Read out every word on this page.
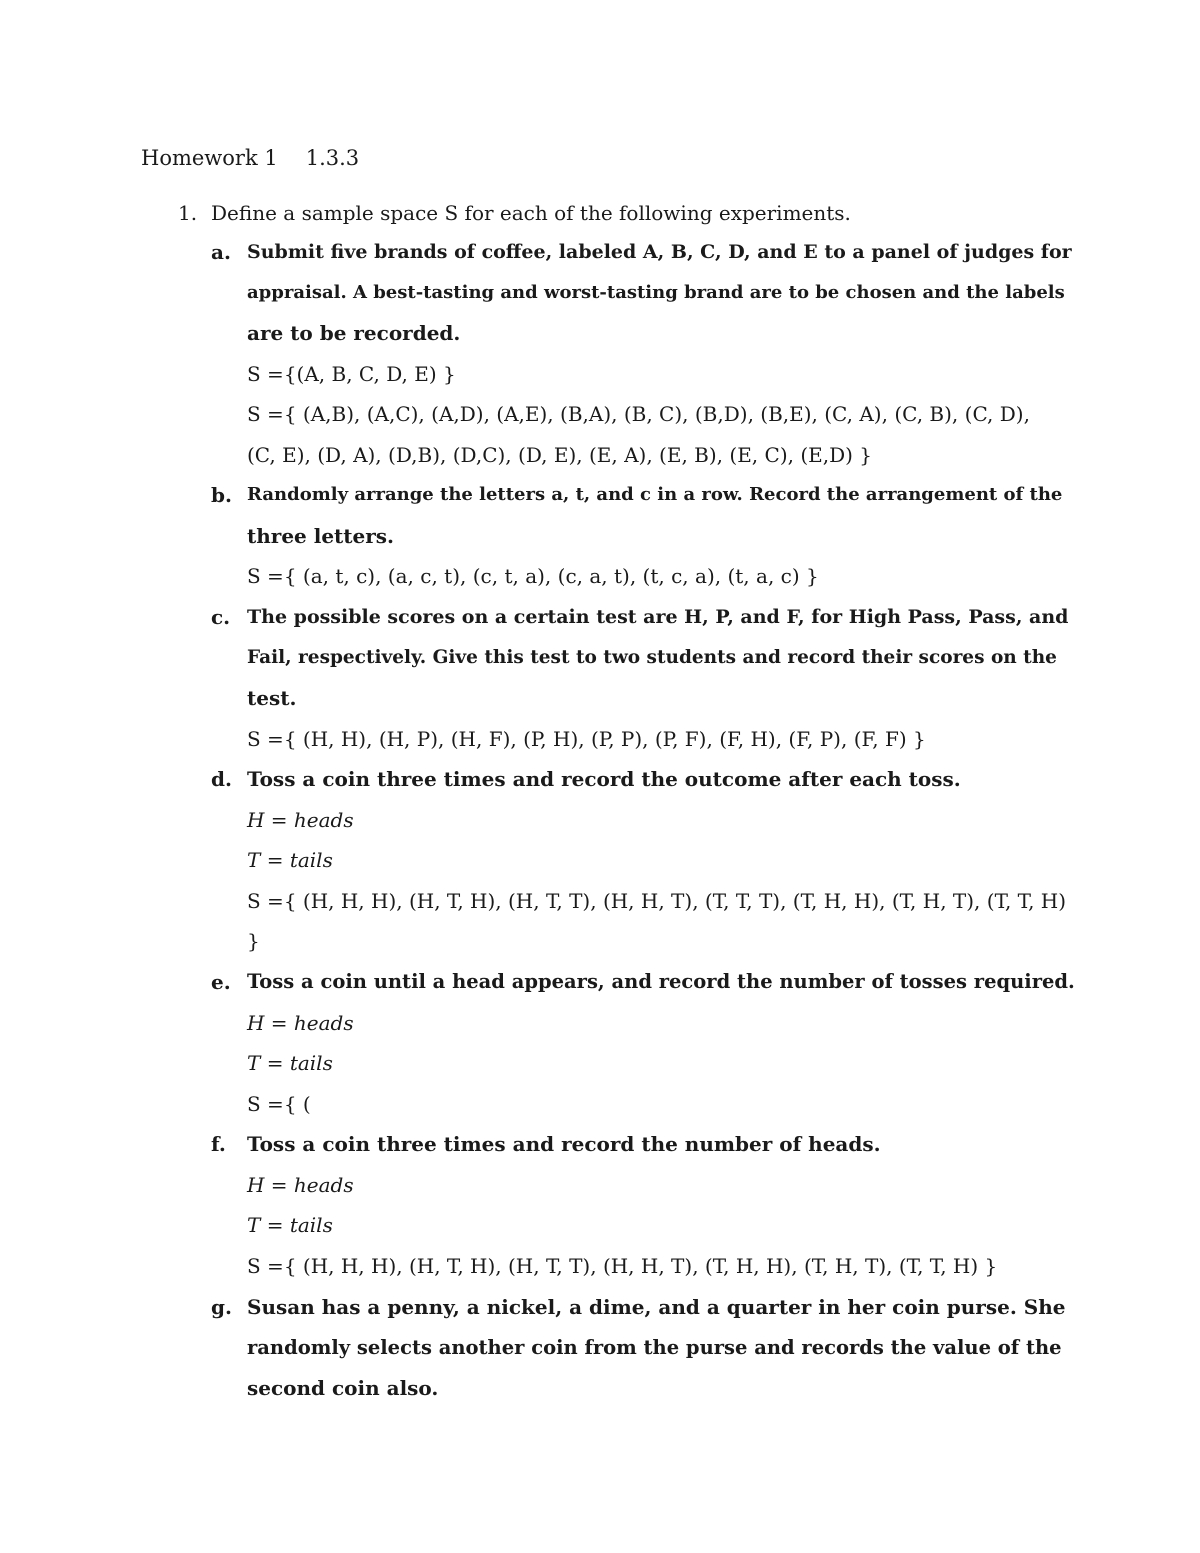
Homework 1 1.3.3
1. Define a sample space S for each of the following experiments.
a. Submit five brands of coffee, labeled A, B, C, D, and E to a panel of judges for
appraisal. A best-tasting and worst-tasting brand are to be chosen and the labels
are to be recorded.
S ={(A, B, C, D, E) }
S ={ (A,B), (A,C), (A,D), (A,E), (B,A), (B, C), (B,D), (B,E), (C, A), (C, B), (C, D),
(C, E), (D, A), (D,B), (D,C), (D, E), (E, A), (E, B), (E, C), (E,D) }
b. Randomly arrange the letters a, t, and c in a row. Record the arrangement of the
three letters.
S ={ (a, t, c), (a, c, t), (c, t, a), (c, a, t), (t, c, a), (t, a, c) }
c. The possible scores on a certain test are H, P, and F, for High Pass, Pass, and
Fail, respectively. Give this test to two students and record their scores on the
test.
S ={ (H, H), (H, P), (H, F), (P, H), (P, P), (P, F), (F, H), (F, P), (F, F) }
d. Toss a coin three times and record the outcome after each toss.
H = heads
T = tails
S ={ (H, H, H), (H, T, H), (H, T, T), (H, H, T), (T, T, T), (T, H, H), (T, H, T), (T, T, H)
}
e. Toss a coin until a head appears, and record the number of tosses required.
H = heads
T = tails
S ={ (
f. Toss a coin three times and record the number of heads.
H = heads
T = tails
S ={ (H, H, H), (H, T, H), (H, T, T), (H, H, T), (T, H, H), (T, H, T), (T, T, H) }
g. Susan has a penny, a nickel, a dime, and a quarter in her coin purse. She
randomly selects another coin from the purse and records the value of the
second coin also.
